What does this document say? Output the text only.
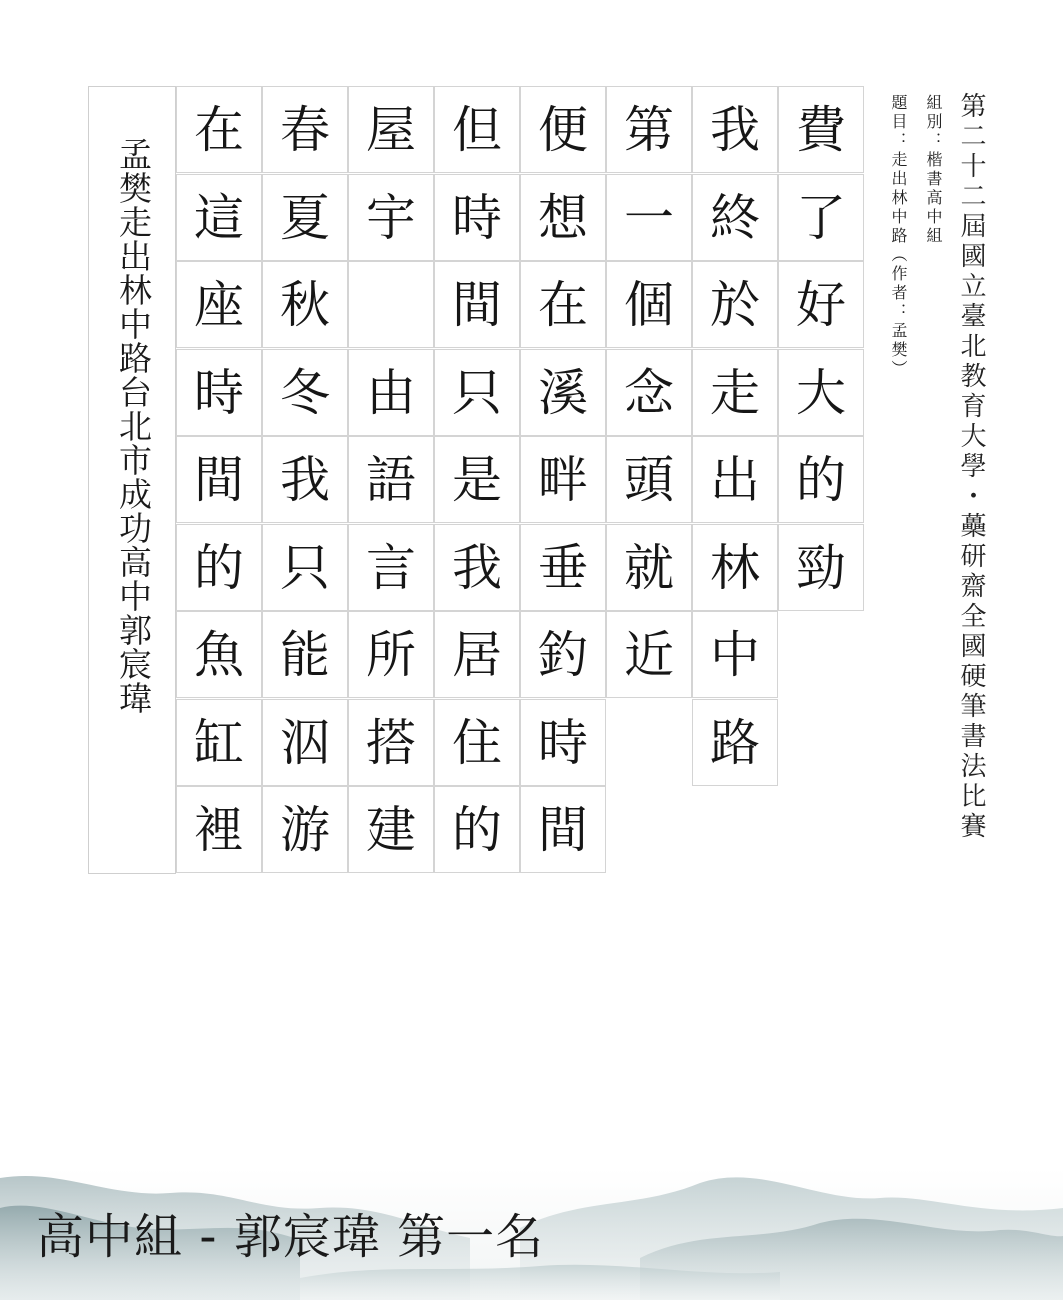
第二十二屆國立臺北教育大學・蘽研齋全國硬筆書法比賽
組別：楷書高中組
題目：走出林中路（作者：孟樊）
孟樊走出林中路台北市成功高中郭宸瑋
費
了
好
大
的
勁
我
終
於
走
出
林
中
路
第
一
個
念
頭
就
近
便
想
在
溪
畔
垂
釣
時
間
但
時
間
只
是
我
居
住
的
屋
宇
由
語
言
所
搭
建
春
夏
秋
冬
我
只
能
泅
游
在
這
座
時
間
的
魚
缸
裡
高中組 - 郭宸瑋 第一名
